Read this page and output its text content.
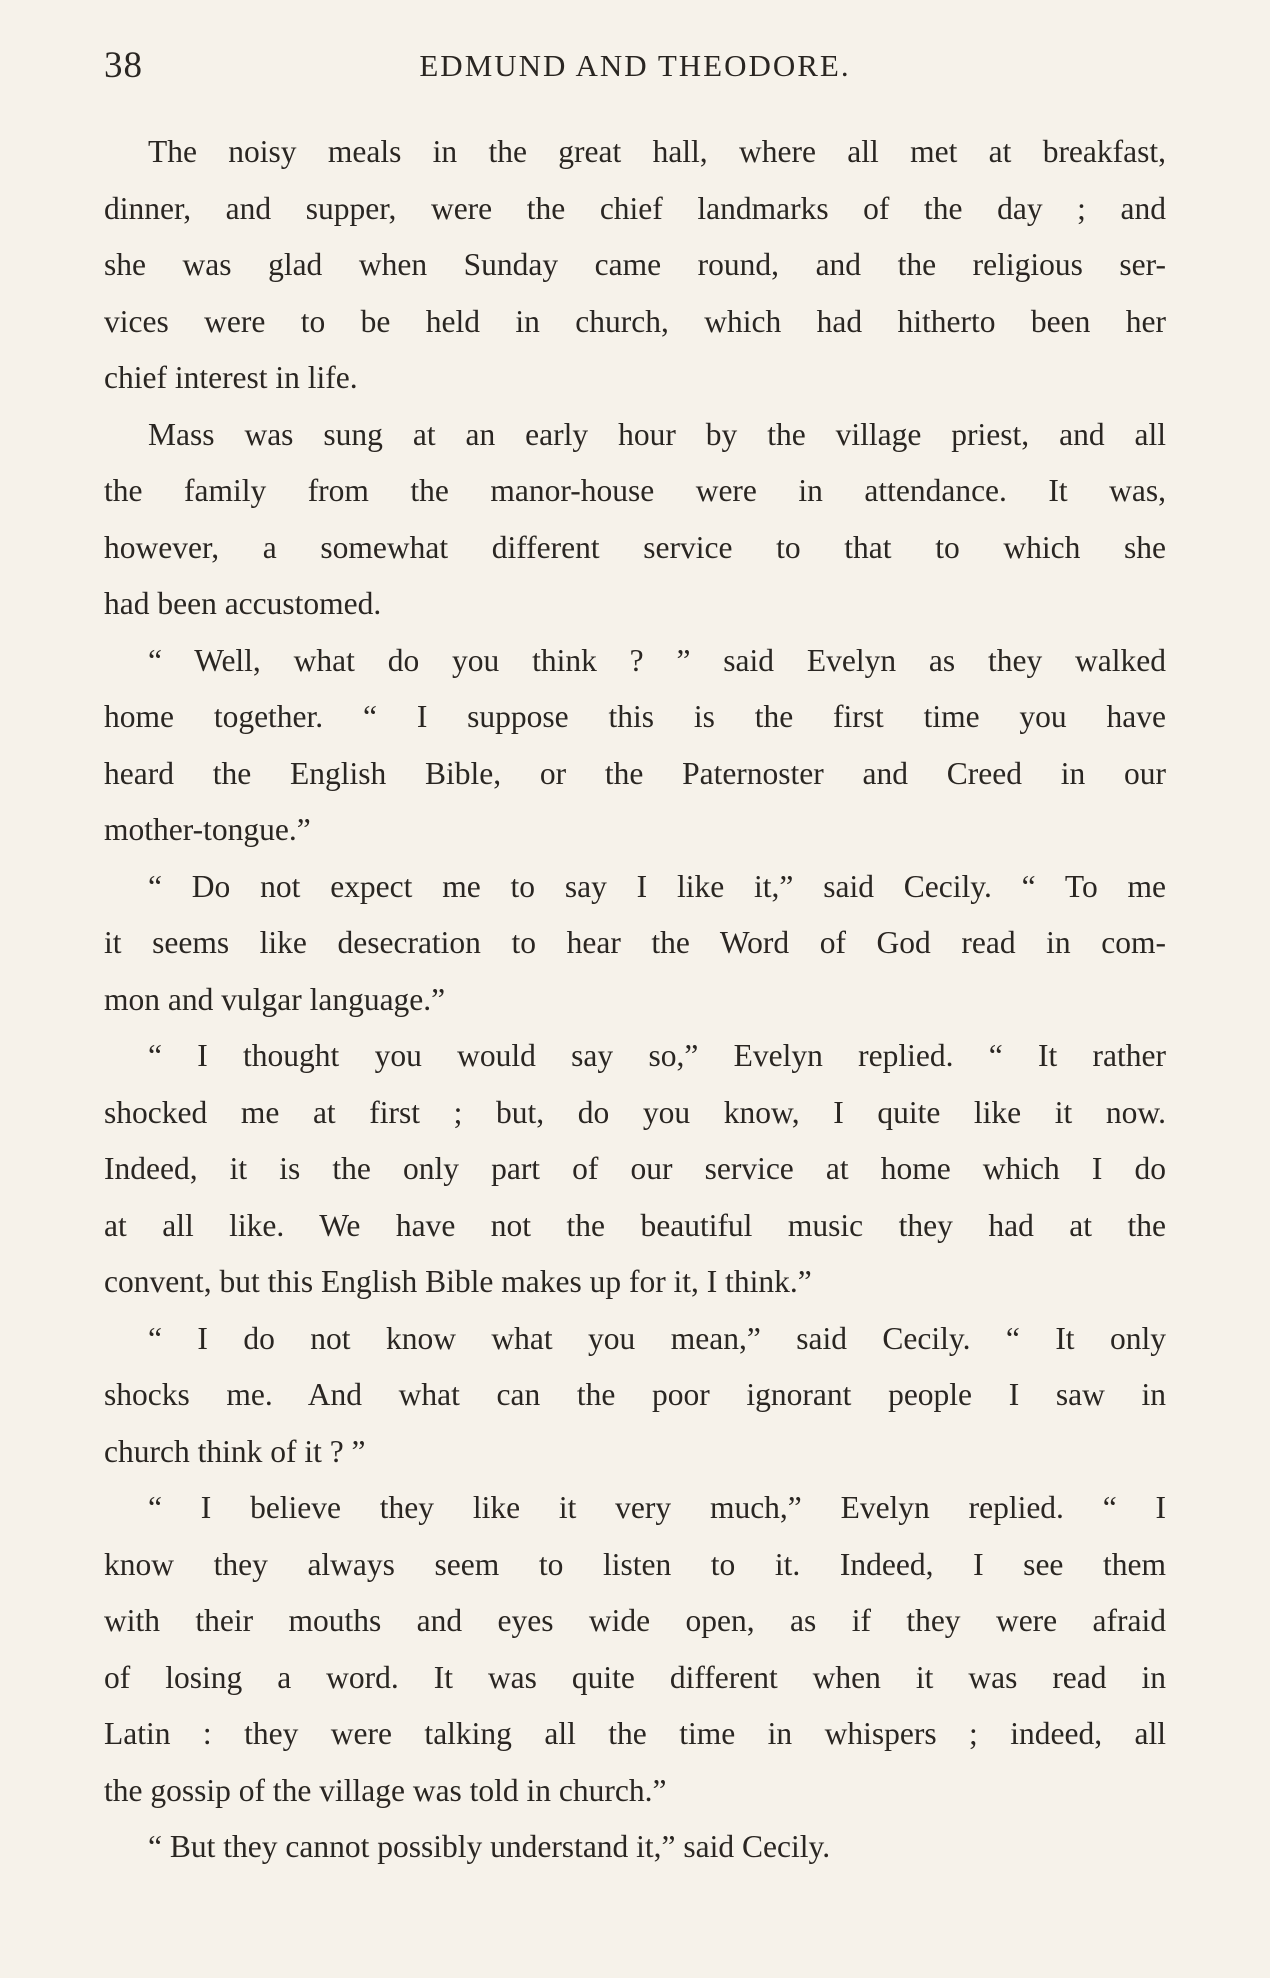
38	EDMUND AND THEODORE.
The noisy meals in the great hall, where all met at breakfast,
dinner, and supper, were the chief landmarks of the day ; and
she was glad when Sunday came round, and the religious ser-
vices were to be held in church, which had hitherto been her
chief interest in life.
Mass was sung at an early hour by the village priest, and all
the family from the manor-house were in attendance. It was,
however, a somewhat different service to that to which she
had been accustomed.
“ Well, what do you think ? ” said Evelyn as they walked
home together. “ I suppose this is the first time you have
heard the English Bible, or the Paternoster and Creed in our
mother-tongue.”
“ Do not expect me to say I like it,” said Cecily. “ To me
it seems like desecration to hear the Word of God read in com-
mon and vulgar language.”
“ I thought you would say so,” Evelyn replied. “ It rather
shocked me at first ; but, do you know, I quite like it now.
Indeed, it is the only part of our service at home which I do
at all like. We have not the beautiful music they had at the
convent, but this English Bible makes up for it, I think.”
“ I do not know what you mean,” said Cecily. “ It only
shocks me. And what can the poor ignorant people I saw in
church think of it ? ”
“ I believe they like it very much,” Evelyn replied. “ I
know they always seem to listen to it. Indeed, I see them
with their mouths and eyes wide open, as if they were afraid
of losing a word. It was quite different when it was read in
Latin : they were talking all the time in whispers ; indeed, all
the gossip of the village was told in church.”
“ But they cannot possibly understand it,” said Cecily.
